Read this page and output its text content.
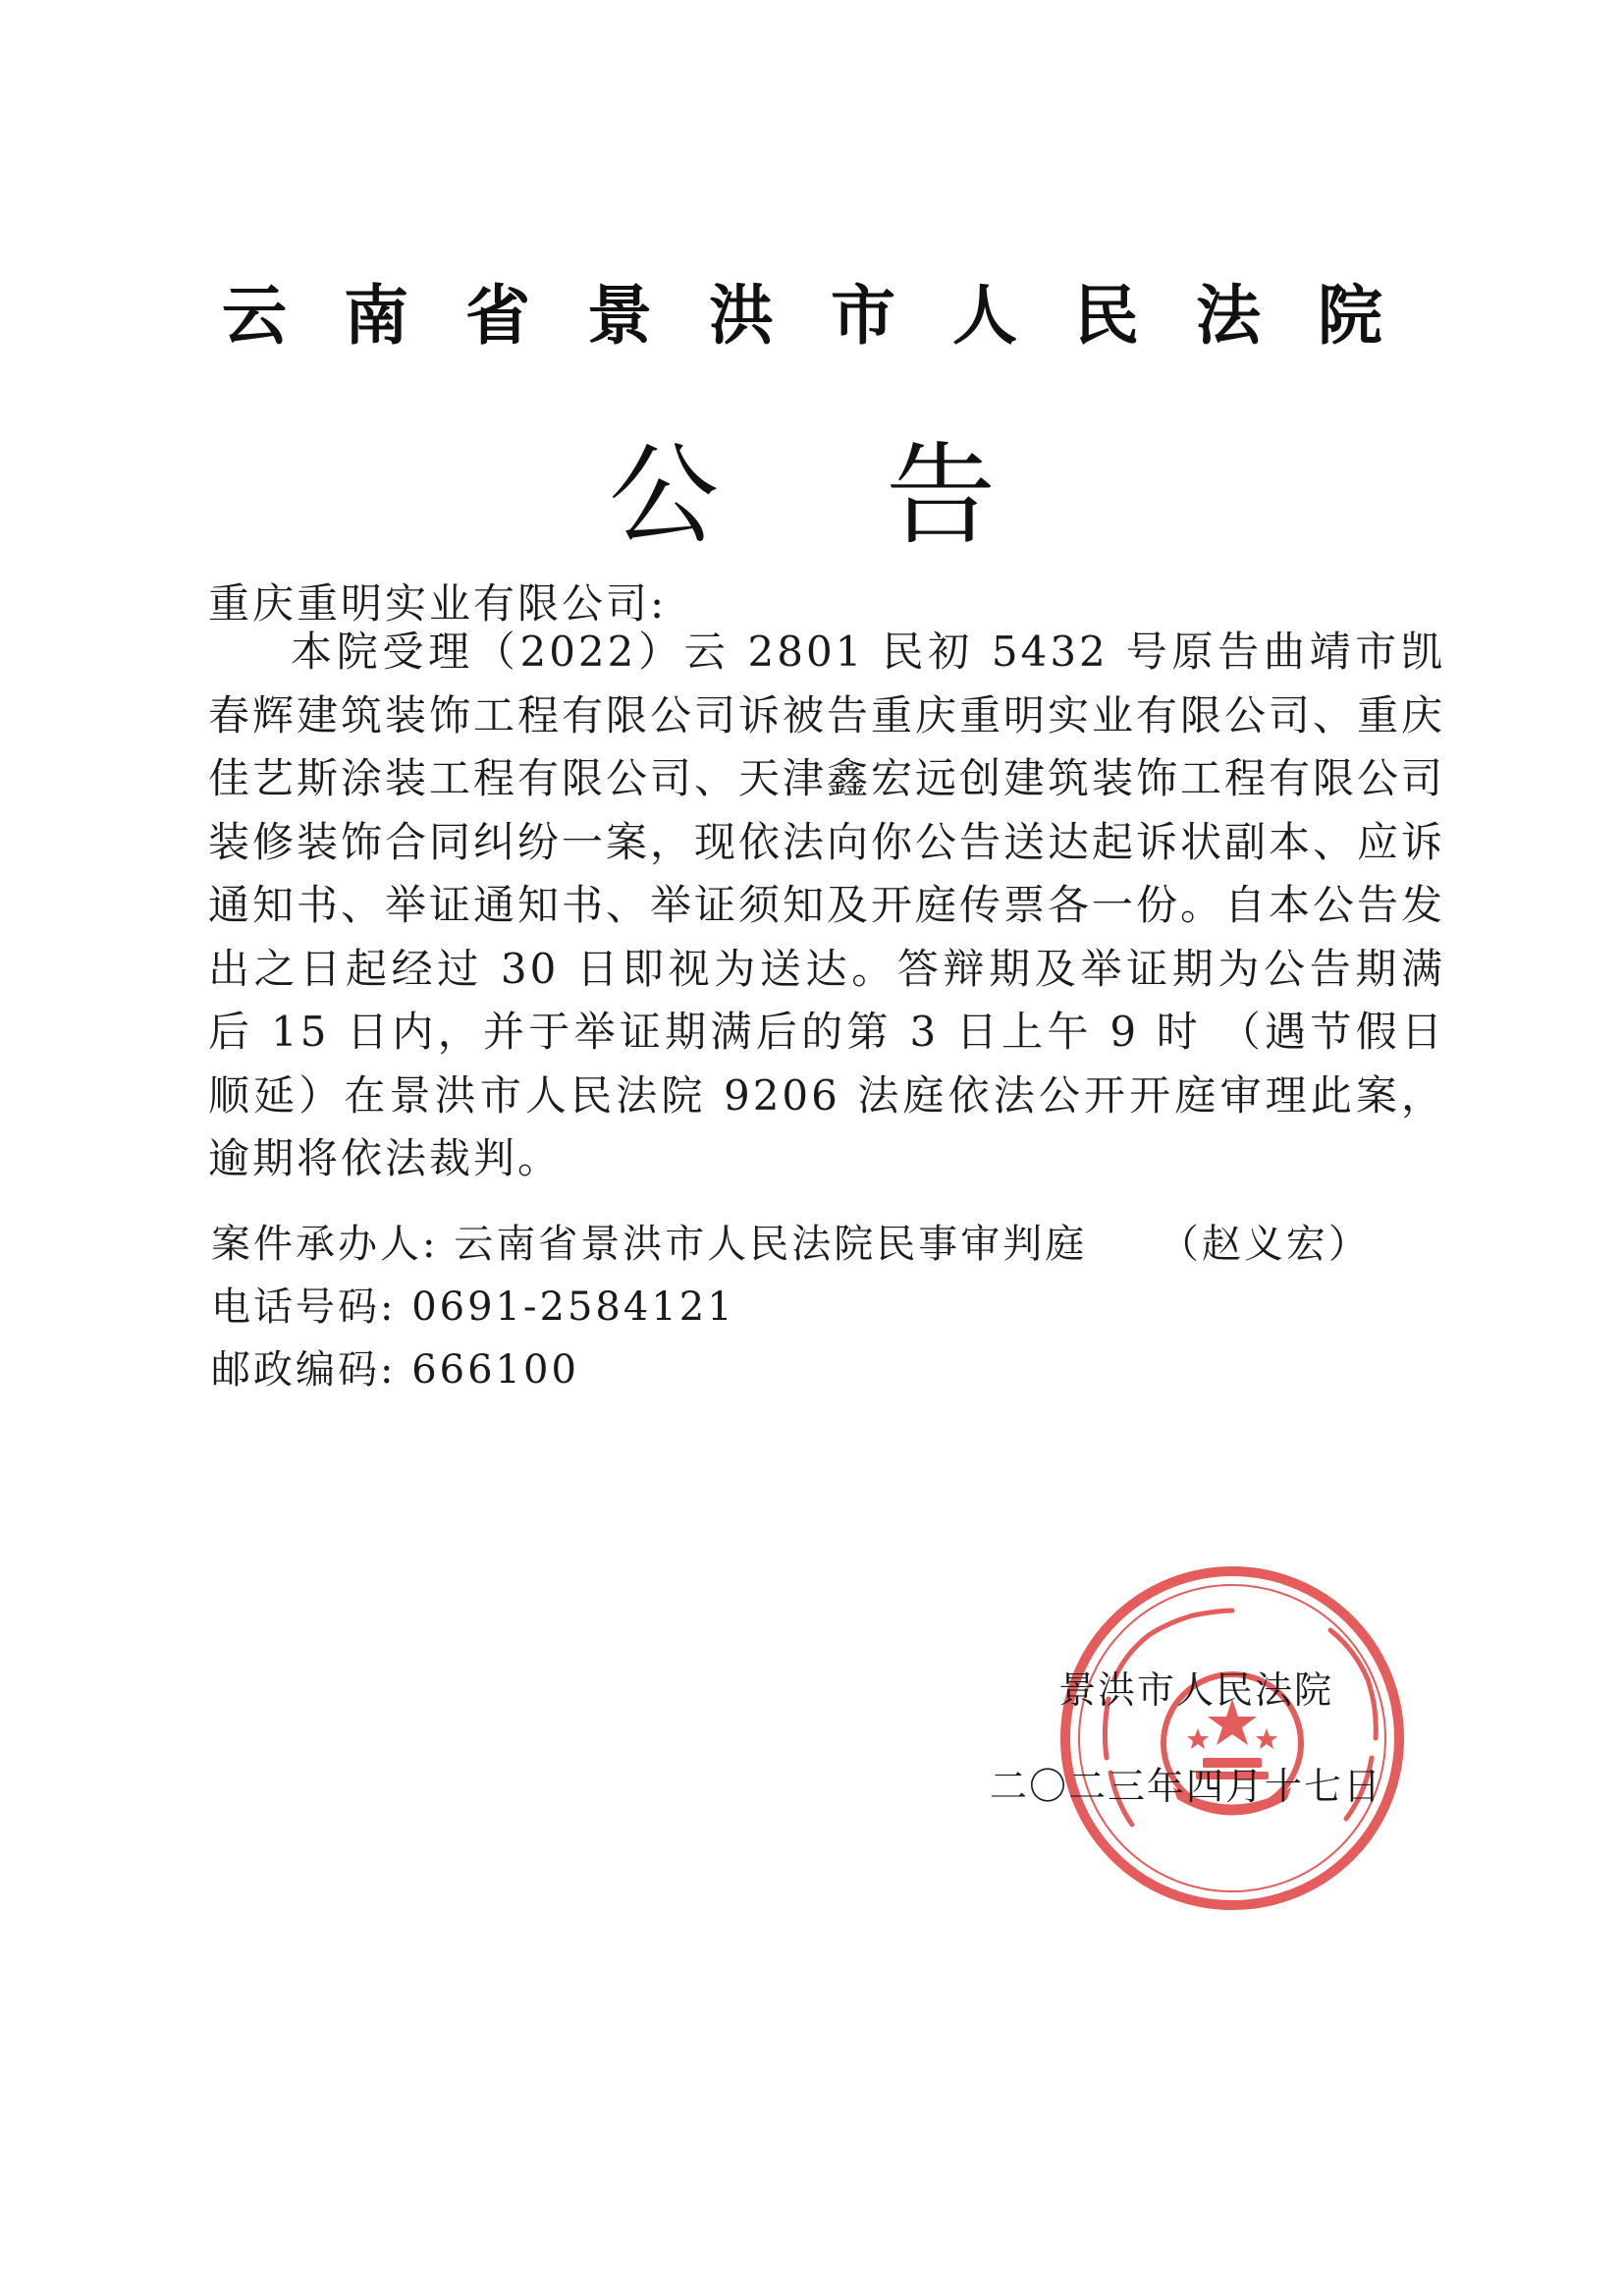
云南省景洪市人民法院
公告
重庆重明实业有限公司:
本院受理（2022）云 2801 民初 5432 号原告曲靖市凯春辉建筑装饰工程有限公司诉被告重庆重明实业有限公司、重庆佳艺斯涂装工程有限公司、天津鑫宏远创建筑装饰工程有限公司装修装饰合同纠纷一案，现依法向你公告送达起诉状副本、应诉通知书、举证通知书、举证须知及开庭传票各一份。自本公告发出之日起经过 30 日即视为送达。答辩期及举证期为公告期满后 15 日内，并于举证期满后的第 3 日上午 9 时 （遇节假日顺延）在景洪市人民法院 9206 法庭依法公开开庭审理此案，逾期将依法裁判。
案件承办人: 云南省景洪市人民法院民事审判庭 （赵义宏）
电话号码: 0691-2584121
邮政编码: 666100
景洪市人民法院
二〇二三年四月十七日
